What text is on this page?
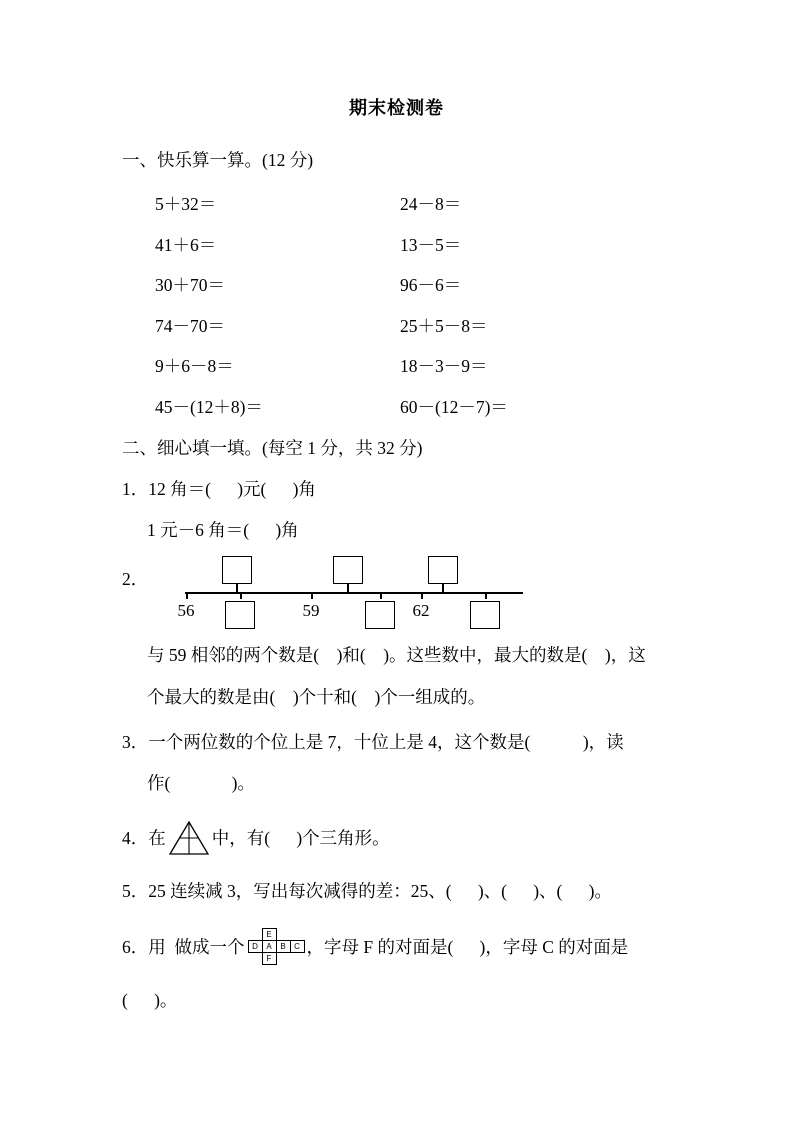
期末检测卷
一、快乐算一算。(12 分)
5＋32＝	24－8＝
41＋6＝	13－5＝
30＋70＝	96－6＝
74－70＝	25＋5－8＝
9＋6－8＝	18－3－9＝
45－(12＋8)＝	60－(12－7)＝
二、细心填一填。(每空 1 分，共 32 分)
1．12 角＝(      )元(      )角
1 元－6 角＝(      )角
2．

56

	59

	62

与 59 相邻的两个数是(    )和(    )。这些数中，最大的数是(    )，这
个最大的数是由(    )个十和(    )个一组成的。
3．一个两位数的个位上是 7，十位上是 4，这个数是(            )，读
作(              )。
4．在	中，有(      )个三角形。
5．25 连续减 3，写出每次减得的差：25、(      )、(      )、(      )。
6．用  做成一个
E
D	A	B	C
F
，字母 F 的对面是(      )，字母 C 的对面是
(      )。
